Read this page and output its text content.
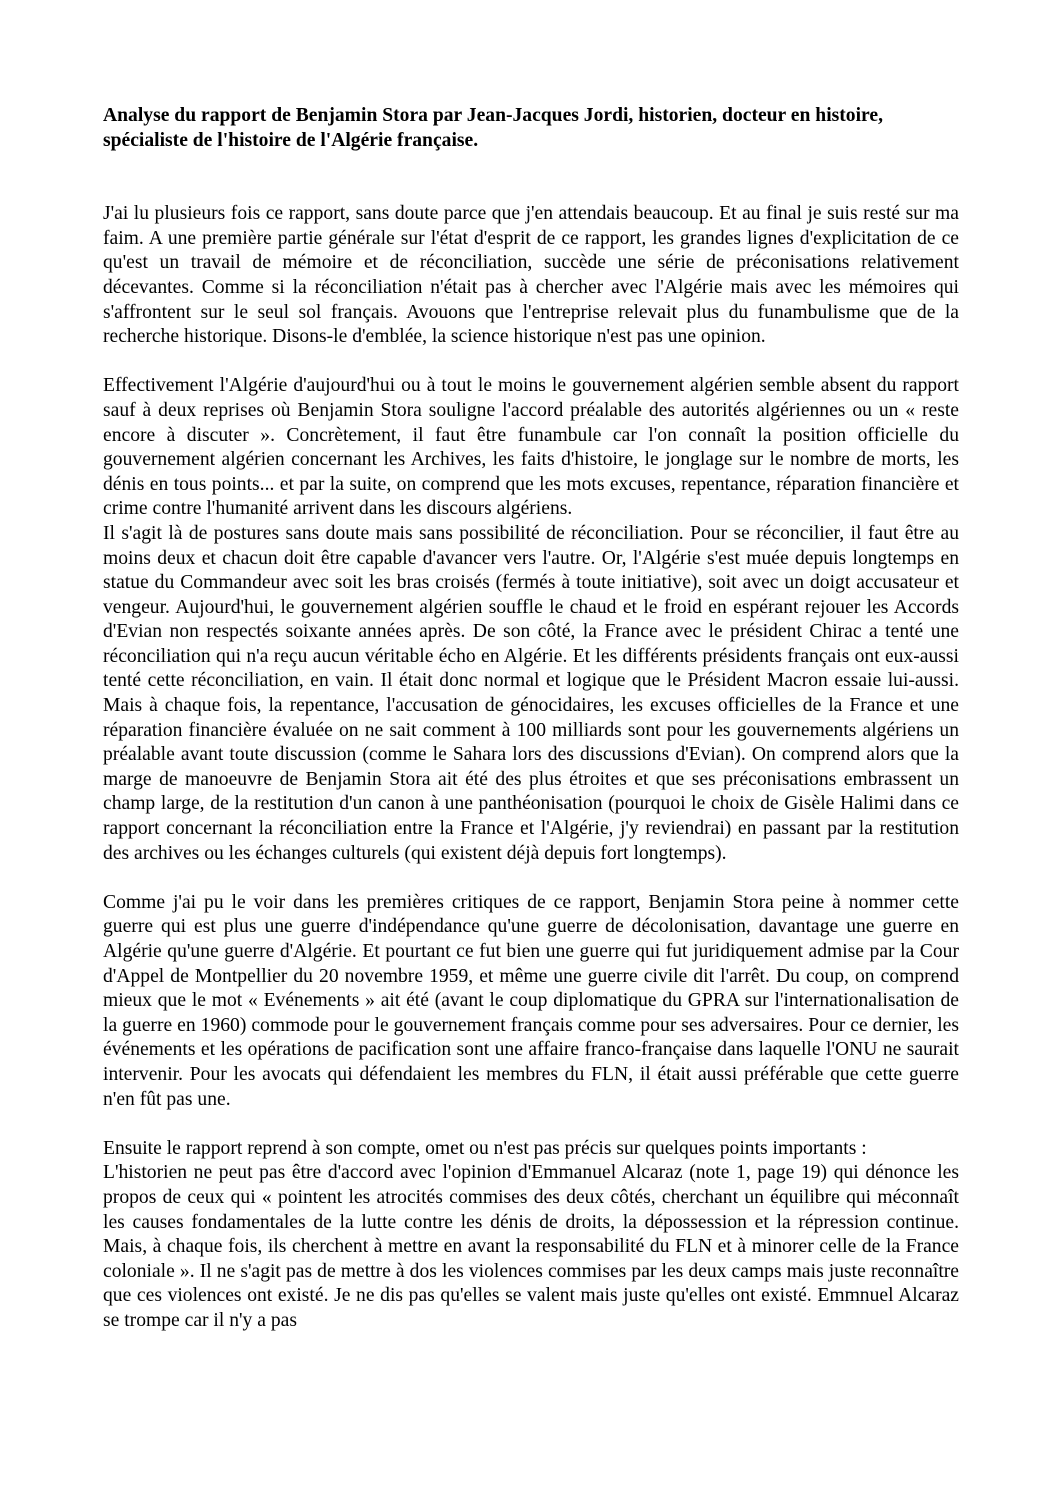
Analyse du rapport de Benjamin Stora par Jean-Jacques Jordi, historien, docteur en histoire, spécialiste de l'histoire de l'Algérie française.

J'ai lu plusieurs fois ce rapport, sans doute parce que j'en attendais beaucoup. Et au final je suis resté sur ma faim. A une première partie générale sur l'état d'esprit de ce rapport, les grandes lignes d'explicitation de ce qu'est un travail de mémoire et de réconciliation, succède une série de préconisations relativement décevantes. Comme si la réconciliation n'était pas à chercher avec l'Algérie mais avec les mémoires qui s'affrontent sur le seul sol français. Avouons que l'entreprise relevait plus du funambulisme que de la recherche historique. Disons-le d'emblée, la science historique n'est pas une opinion.

Effectivement l'Algérie d'aujourd'hui ou à tout le moins le gouvernement algérien semble absent du rapport sauf à deux reprises où Benjamin Stora souligne l'accord préalable des autorités algériennes ou un « reste encore à discuter ». Concrètement, il faut être funambule car l'on connaît la position officielle du gouvernement algérien concernant les Archives, les faits d'histoire, le jonglage sur le nombre de morts, les dénis en tous points... et par la suite, on comprend que les mots excuses, repentance, réparation financière et crime contre l'humanité arrivent dans les discours algériens.

Il s'agit là de postures sans doute mais sans possibilité de réconciliation. Pour se réconcilier, il faut être au moins deux et chacun doit être capable d'avancer vers l'autre. Or, l'Algérie s'est muée depuis longtemps en statue du Commandeur avec soit les bras croisés (fermés à toute initiative), soit avec un doigt accusateur et vengeur. Aujourd'hui, le gouvernement algérien souffle le chaud et le froid en espérant rejouer les Accords d'Evian non respectés soixante années après. De son côté, la France avec le président Chirac a tenté une réconciliation qui n'a reçu aucun véritable écho en Algérie. Et les différents présidents français ont eux-aussi tenté cette réconciliation, en vain. Il était donc normal et logique que le Président Macron essaie lui-aussi. Mais à chaque fois, la repentance, l'accusation de génocidaires, les excuses officielles de la France et une réparation financière évaluée on ne sait comment à 100 milliards sont pour les gouvernements algériens un préalable avant toute discussion (comme le Sahara lors des discussions d'Evian). On comprend alors que la marge de manoeuvre de Benjamin Stora ait été des plus étroites et que ses préconisations embrassent un champ large, de la restitution d'un canon à une panthéonisation (pourquoi le choix de Gisèle Halimi dans ce rapport concernant la réconciliation entre la France et l'Algérie, j'y reviendrai) en passant par la restitution des archives ou les échanges culturels (qui existent déjà depuis fort longtemps).

Comme j'ai pu le voir dans les premières critiques de ce rapport, Benjamin Stora peine à nommer cette guerre qui est plus une guerre d'indépendance qu'une guerre de décolonisation, davantage une guerre en Algérie qu'une guerre d'Algérie. Et pourtant ce fut bien une guerre qui fut juridiquement admise par la Cour d'Appel de Montpellier du 20 novembre 1959, et même une guerre civile dit l'arrêt. Du coup, on comprend mieux que le mot « Evénements » ait été (avant le coup diplomatique du GPRA sur l'internationalisation de la guerre en 1960) commode pour le gouvernement français comme pour ses adversaires. Pour ce dernier, les événements et les opérations de pacification sont une affaire franco-française dans laquelle l'ONU ne saurait intervenir. Pour les avocats qui défendaient les membres du FLN, il était aussi préférable que cette guerre n'en fût pas une.

Ensuite le rapport reprend à son compte, omet ou n'est pas précis sur quelques points importants :

L'historien ne peut pas être d'accord avec l'opinion d'Emmanuel Alcaraz (note 1, page 19) qui dénonce les propos de ceux qui « pointent les atrocités commises des deux côtés, cherchant un équilibre qui méconnaît les causes fondamentales de la lutte contre les dénis de droits, la dépossession et la répression continue. Mais, à chaque fois, ils cherchent à mettre en avant la responsabilité du FLN et à minorer celle de la France coloniale ». Il ne s'agit pas de mettre à dos les violences commises par les deux camps mais juste reconnaître que ces violences ont existé. Je ne dis pas qu'elles se valent mais juste qu'elles ont existé. Emmnuel Alcaraz se trompe car il n'y a pas
